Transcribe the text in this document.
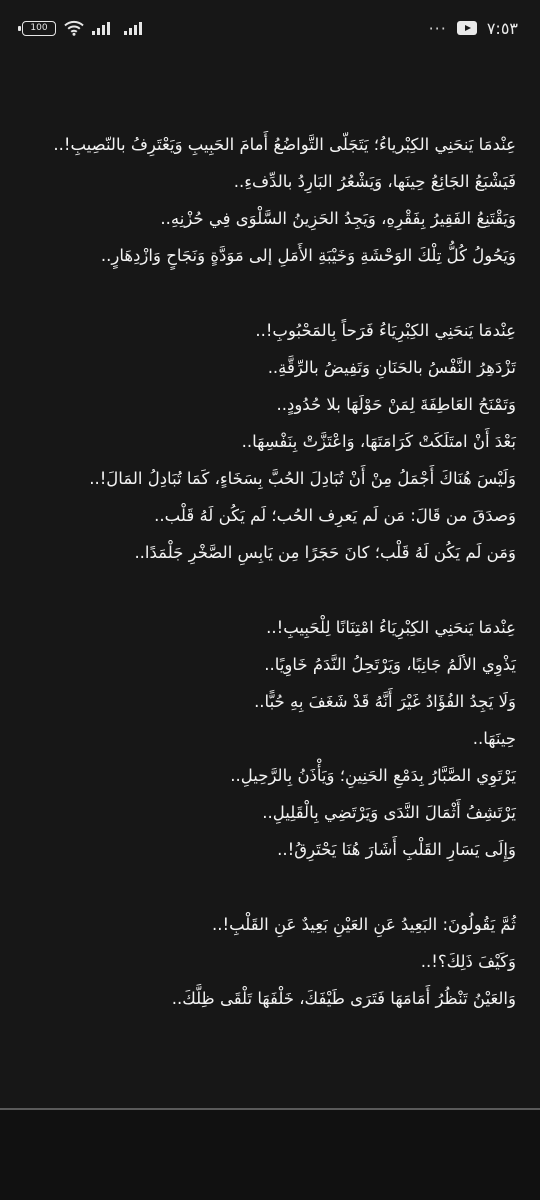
100	···	٧:٥٣
عِنْدمَا يَنحَنِي الكِبْرياءُ؛ يَتَجَلّى التَّواضُعُ أَمامَ الحَبِيبِ وَيَعْتَرِفُ بالنّصِيبِ!..
فَيَشْبَعُ الجَائِعُ حِينَها، وَيَشْعُرُ البَارِدُ بالدِّفءِ..
وَيَقْتَنِعُ الفَقِيرُ بِفَقْرِهِ، وَيَجِدُ الحَزِينُ السَّلْوَى فِي حُزْنِهِ..
وَيَحُولُ كُلُّ تِلْكَ الوَحْشَةِ وَخَيْبَةِ الأَمَلِ إلى مَوَدَّةٍ وَنَجَاحٍ وَازْدِهَارٍ..
عِنْدمَا يَنحَنِي الكِبْرِيَاءُ فَرَحاً بِالمَحْبُوبِ!..
تَزْدَهِرُ النَّفْسُ بالحَنَانِ وَتَفِيضُ بالرِّقَّةِ..
وَتَمْنَحُ العَاطِفَةَ لِمَنْ حَوْلَهَا بلا حُدُودٍ..
بَعْدَ أَنْ امتَلَكَتْ كَرَامَتَهَا، وَاعْتَزَّتْ بِنَفْسِهَا..
وَلَيْسَ هُنَاكَ أَجْمَلُ مِنْ أَنْ تُبَادِلَ الحُبَّ بِسَخَاءٍ، كَمَا تُبَادِلُ المَالَ!..
وَصدَقَ من قَالَ: مَن لَم يَعرِف الحُب؛ لَم يَكُن لَهُ قَلْب..
وَمَن لَم يَكُن لَهُ قَلْب؛ كانَ حَجَرًا مِن يَابِسِ الصَّخْرِ جَلْمَدًا..
عِنْدمَا يَنحَنِي الكِبْرِيَاءُ امْتِنَانًا لِلْحَبِيبِ!..
يَذْوِي الألَمُ جَانِبًا، وَيَرْتَحِلُ النَّدَمُ خَاوِيًا..
وَلَا يَجِدُ الفُؤَادُ غَيْرَ أَنَّهُ قَدْ شَغَفَ بِهِ حُبًّا..
حِينَهَا..
يَرْتَوِي الصَّبَّارُ بِدَمْعِ الحَنِينِ؛ وَيَأْذَنُ بِالرَّحِيلِ..
يَرْتَشِفُ أَثْمَالَ النَّدَى وَيَرْتَضِي بِالْقَلِيلِ..
وَإِلَى يَسَارِ القَلْبِ أَشَارَ هُنَا يَحْتَرِقُ!..
ثُمَّ يَقُولُونَ: البَعِيدُ عَنِ العَيْنِ بَعِيدٌ عَنِ القَلْبِ!..
وَكَيْفَ ذَلِكَ؟!..
وَالعَيْنُ تَنْظُرُ أَمَامَهَا فَتَرَى طَيْفَكَ، خَلْفَهَا تَلْقَى ظِلَّكَ..
